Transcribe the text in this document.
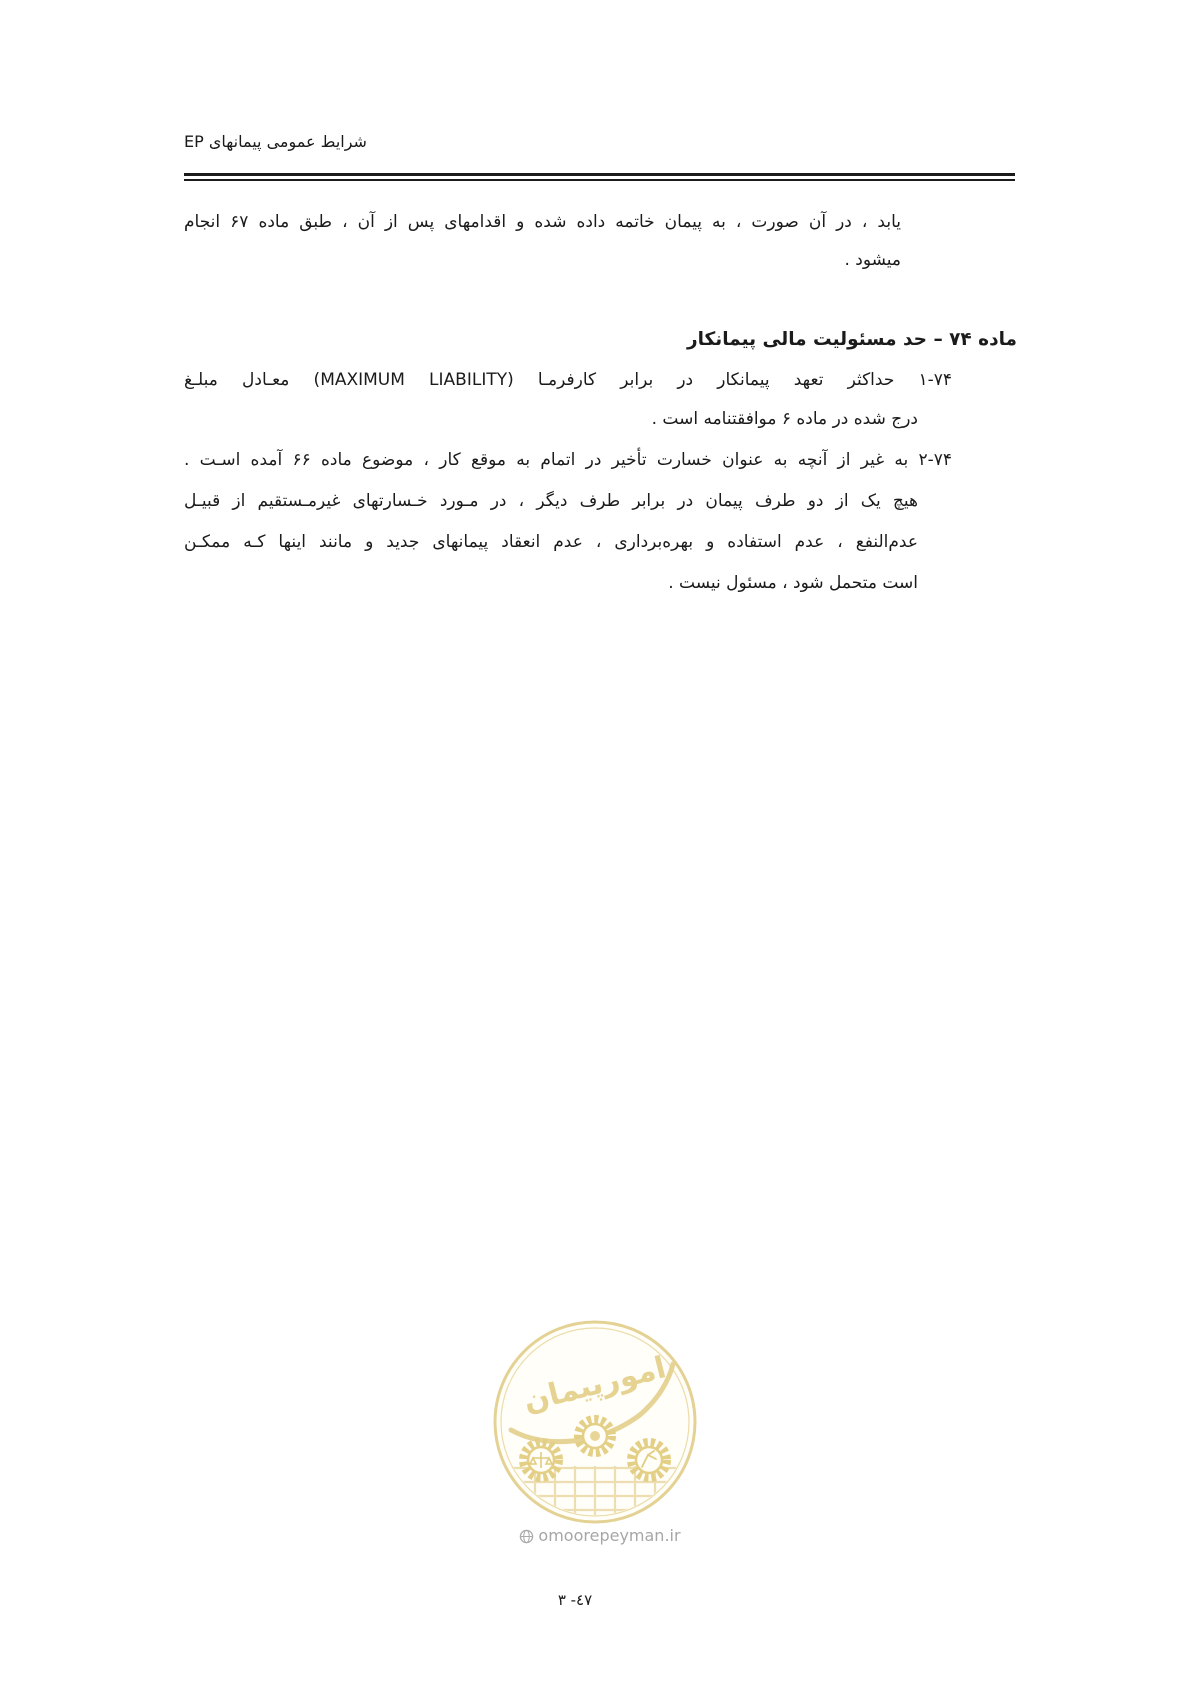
شرایط عمومی پیمانهای EP
یابد ، در آن صورت ، به پیمان خاتمه داده شده و اقدامهای پس از آن ، طبق ماده ۶۷ انجام
میشود .
ماده ۷۴ – حد مسئولیت مالی پیمانکار
۱-۷۴ حداکثر تعهد پیمانکار در برابر کارفرمـا (MAXIMUM LIABILITY) معـادل مبلـغ
درج شده در ماده ۶ موافقتنامه است .
۲-۷۴ به غیر از آنچه به عنوان خسارت تأخیر در اتمام به موقع کار ، موضوع ماده ۶۶ آمده اسـت .
هیچ یک از دو طرف پیمان در برابر طرف دیگر ، در مـورد خـسارتهای غیرمـستقیم از قبیـل
عدم‌النفع ، عدم استفاده و بهره‌برداری ، عدم انعقاد پیمانهای جدید و مانند اینها کـه ممکـن
است متحمل شود ، مسئول نیست .
امورپیمان
omoorepeyman.ir
٣ -٤٧
